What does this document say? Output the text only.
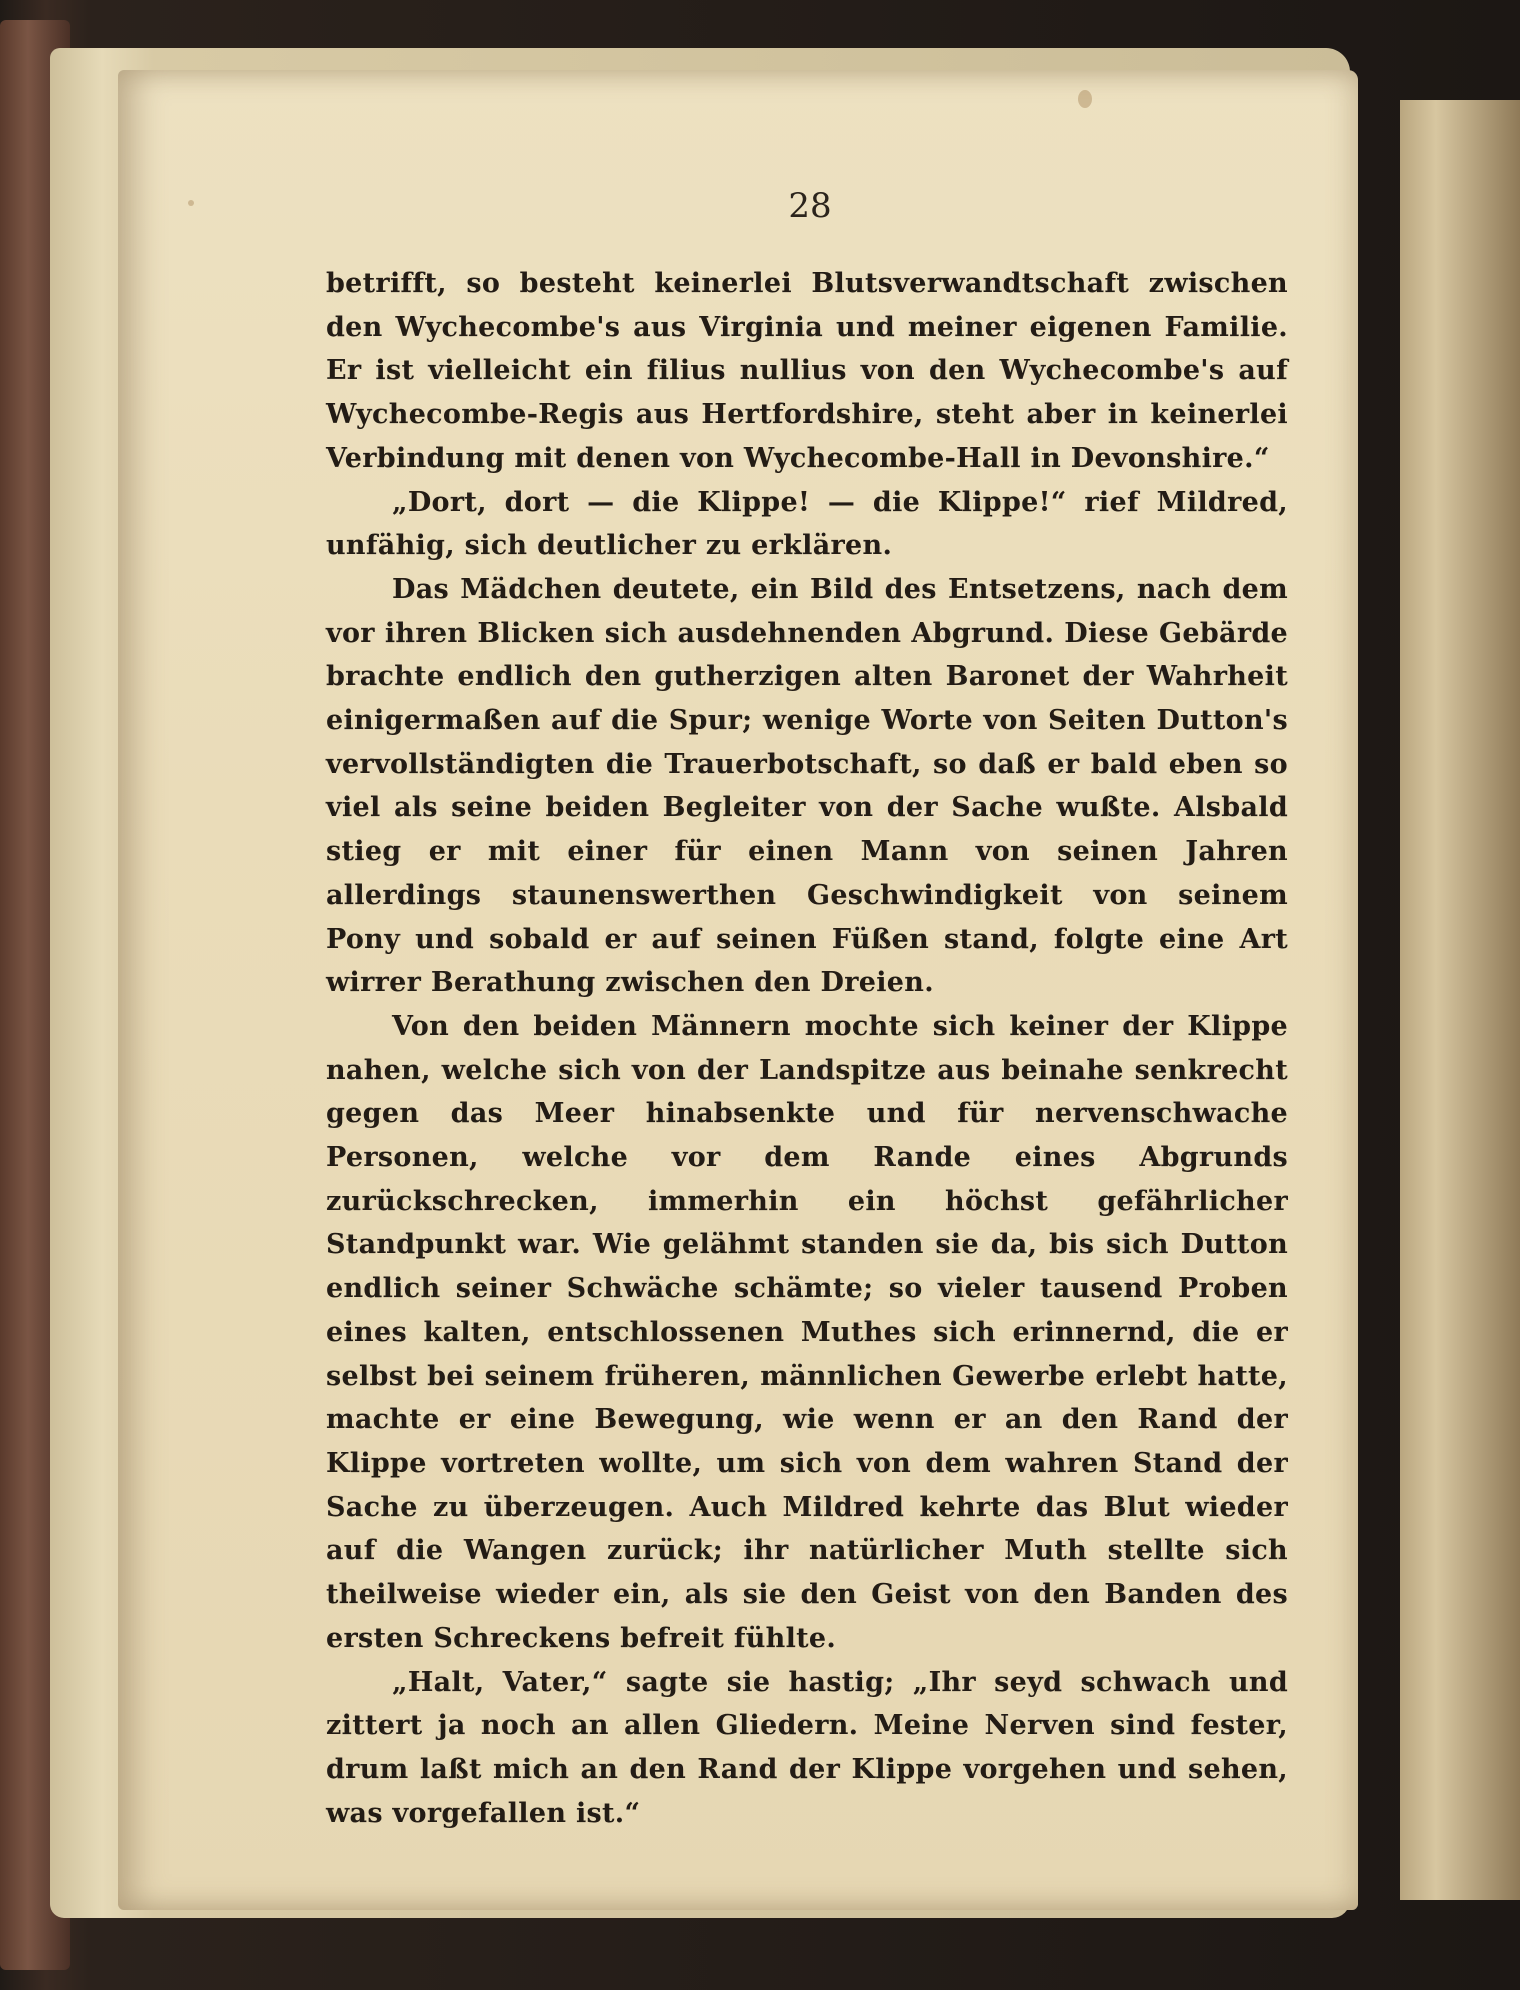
28

betrifft, so besteht keinerlei Blutsverwandtschaft zwischen den Wychecombe's aus Virginia und meiner eigenen Familie. Er ist vielleicht ein filius nullius von den Wychecombe's auf Wychecombe-Regis aus Hertfordshire, steht aber in keinerlei Verbindung mit denen von Wychecombe-Hall in Devonshire.“

„Dort, dort — die Klippe! — die Klippe!“ rief Mildred, unfähig, sich deutlicher zu erklären.

Das Mädchen deutete, ein Bild des Entsetzens, nach dem vor ihren Blicken sich ausdehnenden Abgrund. Diese Gebärde brachte endlich den gutherzigen alten Baronet der Wahrheit einigermaßen auf die Spur; wenige Worte von Seiten Dutton's vervollständigten die Trauerbotschaft, so daß er bald eben so viel als seine beiden Begleiter von der Sache wußte. Alsbald stieg er mit einer für einen Mann von seinen Jahren allerdings staunenswerthen Geschwindigkeit von seinem Pony und sobald er auf seinen Füßen stand, folgte eine Art wirrer Berathung zwischen den Dreien.

Von den beiden Männern mochte sich keiner der Klippe nahen, welche sich von der Landspitze aus beinahe senkrecht gegen das Meer hinabsenkte und für nervenschwache Personen, welche vor dem Rande eines Abgrunds zurückschrecken, immerhin ein höchst gefährlicher Standpunkt war. Wie gelähmt standen sie da, bis sich Dutton endlich seiner Schwäche schämte; so vieler tausend Proben eines kalten, entschlossenen Muthes sich erinnernd, die er selbst bei seinem früheren, männlichen Gewerbe erlebt hatte, machte er eine Bewegung, wie wenn er an den Rand der Klippe vortreten wollte, um sich von dem wahren Stand der Sache zu überzeugen. Auch Mildred kehrte das Blut wieder auf die Wangen zurück; ihr natürlicher Muth stellte sich theilweise wieder ein, als sie den Geist von den Banden des ersten Schreckens befreit fühlte.

„Halt, Vater,“ sagte sie hastig; „Ihr seyd schwach und zittert ja noch an allen Gliedern. Meine Nerven sind fester, drum laßt mich an den Rand der Klippe vorgehen und sehen, was vorgefallen ist.“
